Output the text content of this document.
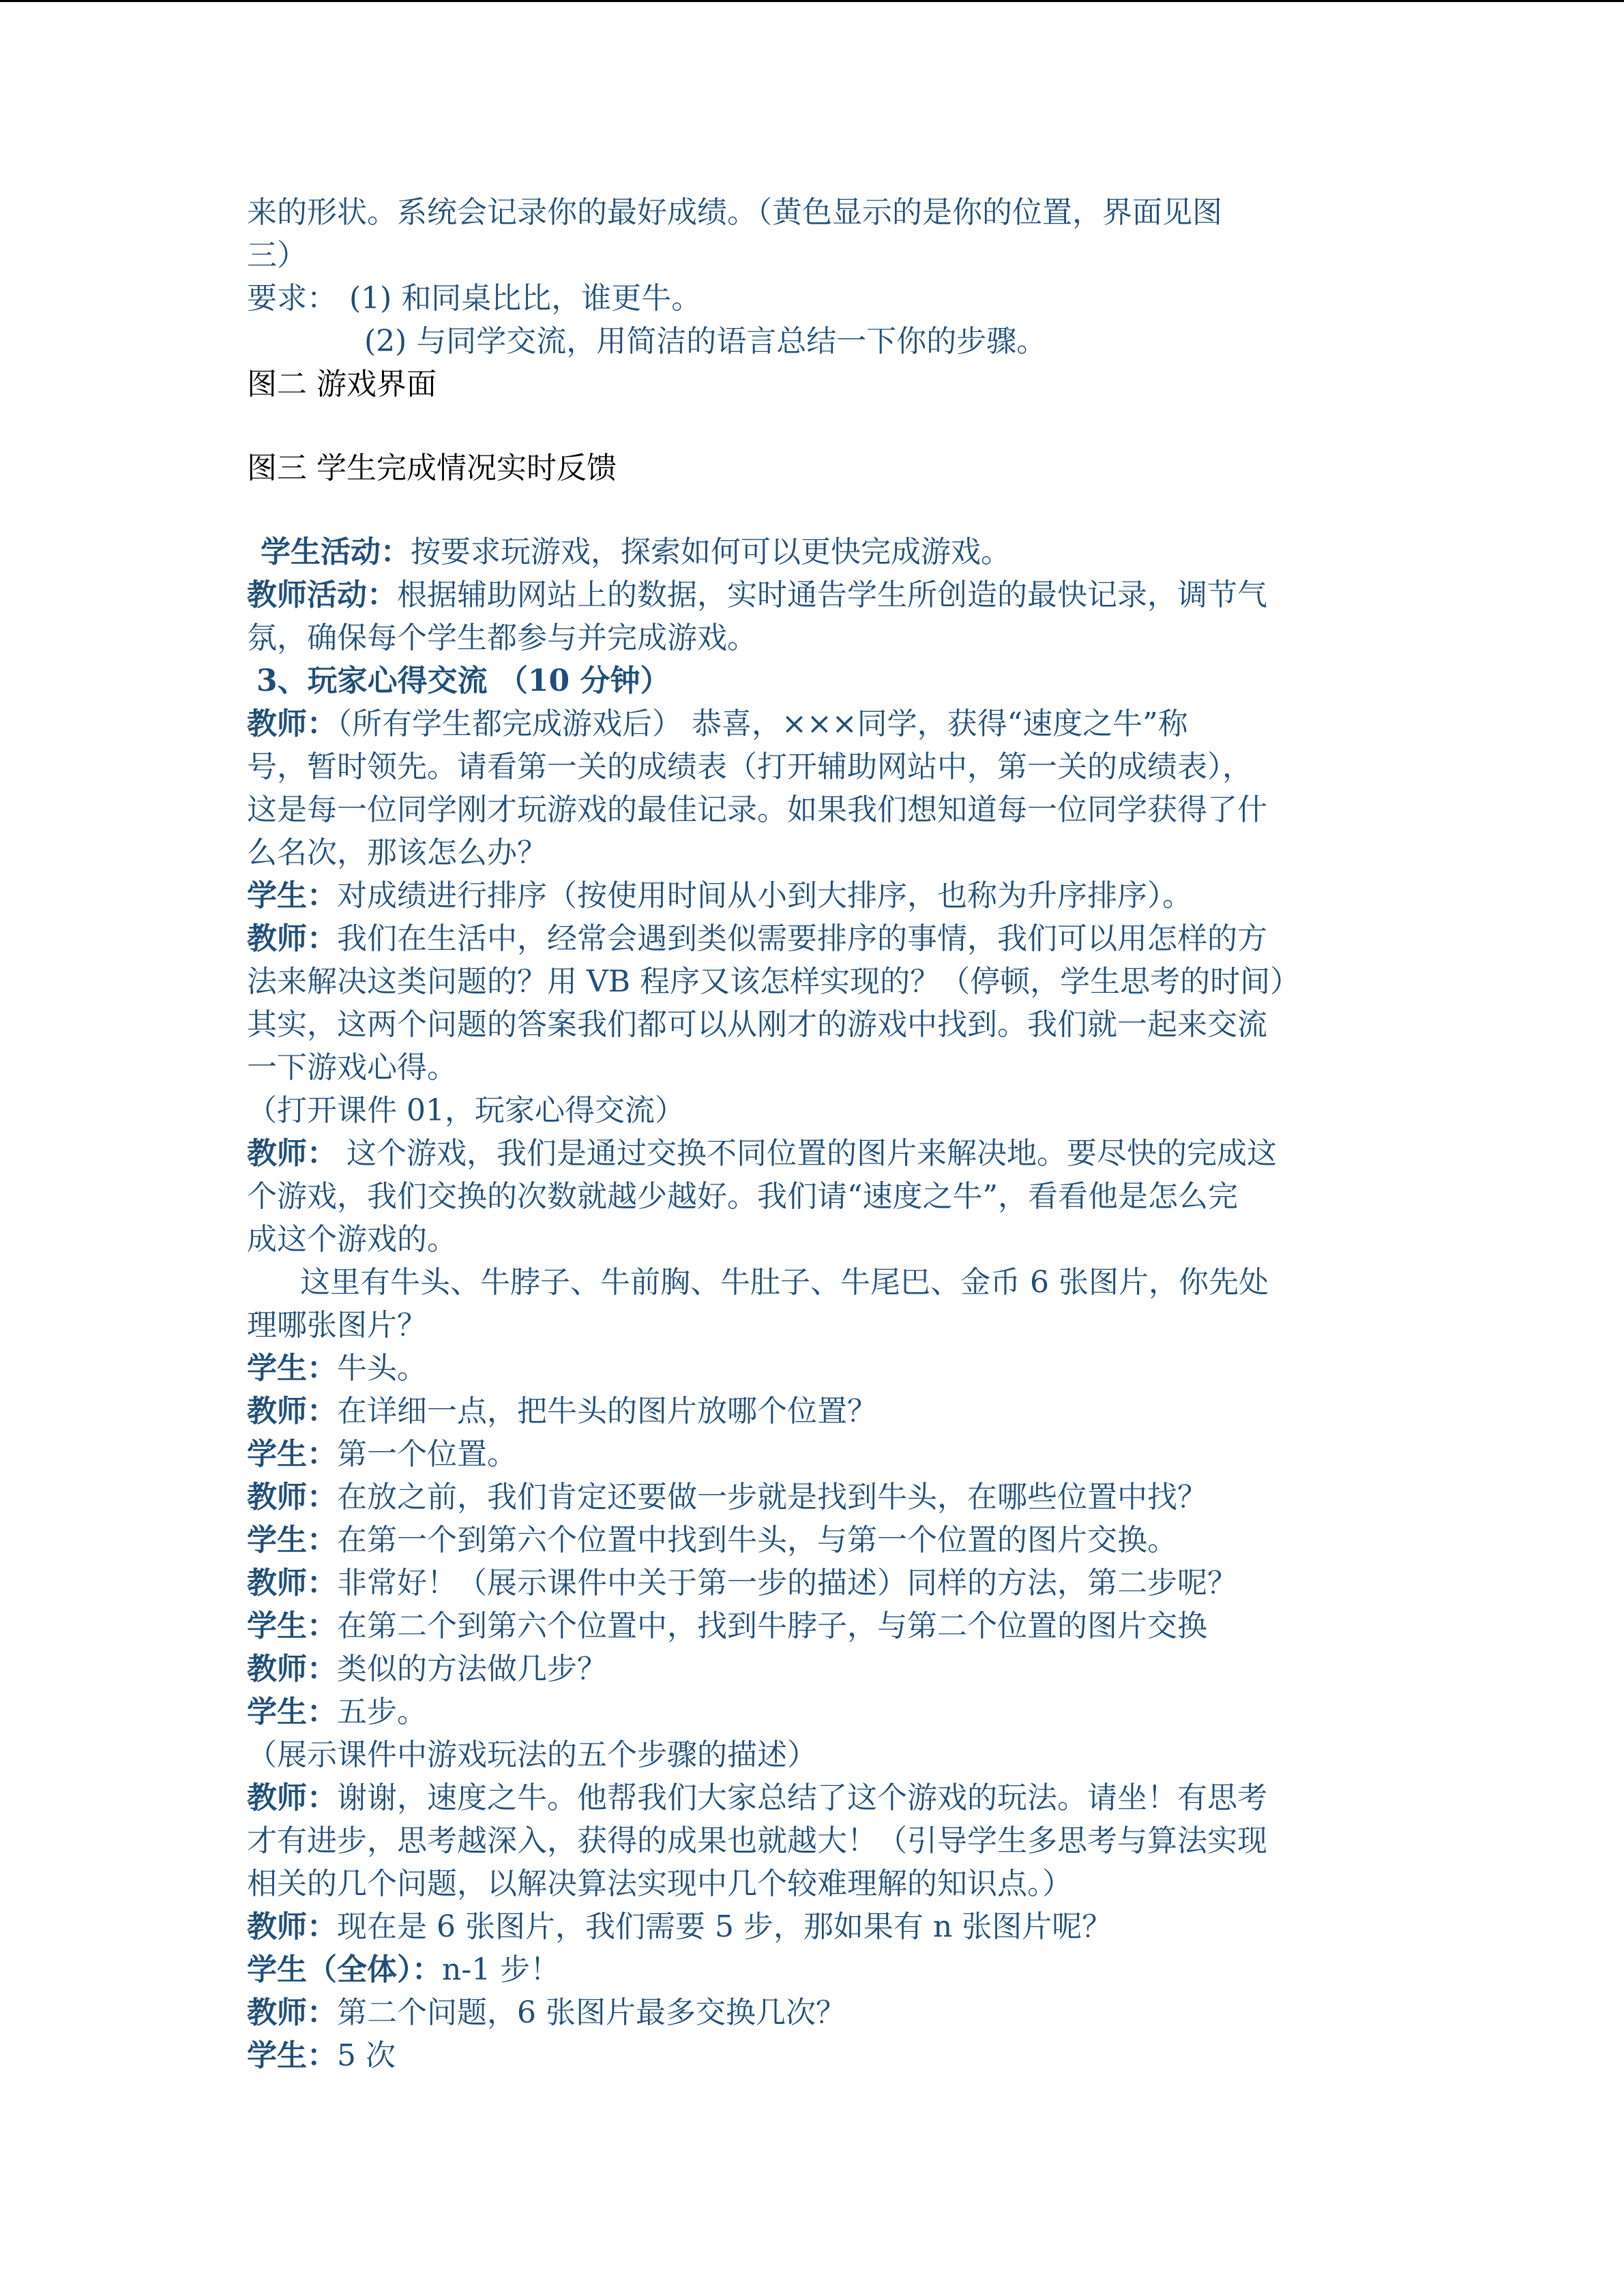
来的形状。系统会记录你的最好成绩。（黄色显示的是你的位置，界面见图
三）
要求： (1) 和同桌比比，谁更牛。
(2) 与同学交流，用简洁的语言总结一下你的步骤。
图二 游戏界面
图三 学生完成情况实时反馈
学生活动：按要求玩游戏，探索如何可以更快完成游戏。
教师活动：根据辅助网站上的数据，实时通告学生所创造的最快记录，调节气
氛，确保每个学生都参与并完成游戏。
3、玩家心得交流 （10 分钟）
教师：（所有学生都完成游戏后） 恭喜，×××同学，获得“速度之牛”称
号，暂时领先。请看第一关的成绩表（打开辅助网站中，第一关的成绩表），
这是每一位同学刚才玩游戏的最佳记录。如果我们想知道每一位同学获得了什
么名次，那该怎么办？
学生：对成绩进行排序（按使用时间从小到大排序，也称为升序排序）。
教师：我们在生活中，经常会遇到类似需要排序的事情，我们可以用怎样的方
法来解决这类问题的？用 VB 程序又该怎样实现的？（停顿，学生思考的时间）
其实，这两个问题的答案我们都可以从刚才的游戏中找到。我们就一起来交流
一下游戏心得。
（打开课件 01，玩家心得交流）
教师： 这个游戏，我们是通过交换不同位置的图片来解决地。要尽快的完成这
个游戏，我们交换的次数就越少越好。我们请“速度之牛”，看看他是怎么完
成这个游戏的。
这里有牛头、牛脖子、牛前胸、牛肚子、牛尾巴、金币 6 张图片，你先处
理哪张图片？
学生：牛头。
教师：在详细一点，把牛头的图片放哪个位置？
学生：第一个位置。
教师：在放之前，我们肯定还要做一步就是找到牛头，在哪些位置中找？
学生：在第一个到第六个位置中找到牛头，与第一个位置的图片交换。
教师：非常好！（展示课件中关于第一步的描述）同样的方法，第二步呢？
学生：在第二个到第六个位置中，找到牛脖子，与第二个位置的图片交换
教师：类似的方法做几步？
学生：五步。
（展示课件中游戏玩法的五个步骤的描述）
教师：谢谢，速度之牛。他帮我们大家总结了这个游戏的玩法。请坐！有思考
才有进步，思考越深入，获得的成果也就越大！（引导学生多思考与算法实现
相关的几个问题，以解决算法实现中几个较难理解的知识点。）
教师：现在是 6 张图片，我们需要 5 步，那如果有 n 张图片呢？
学生（全体）：n-1 步！
教师：第二个问题，6 张图片最多交换几次？
学生：5 次
